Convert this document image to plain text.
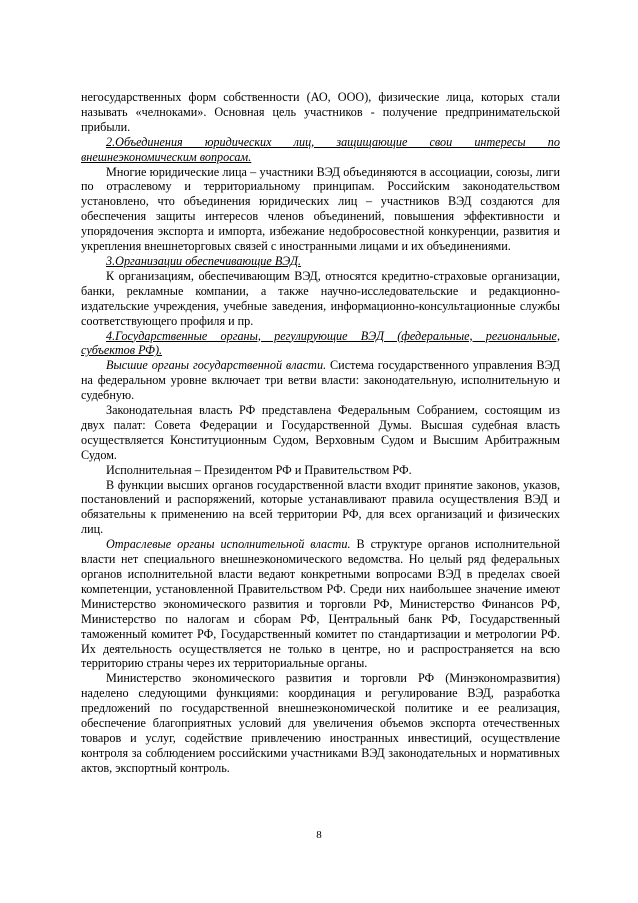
негосударственных форм собственности (АО, ООО), физические лица, которых стали называть «челноками». Основная цель участников - получение предпринимательской прибыли.

2.Объединения юридических лиц, защищающие свои интересы по внешнеэкономическим вопросам.

Многие юридические лица – участники ВЭД объединяются в ассоциации, союзы, лиги по отраслевому и территориальному принципам. Российским законодательством установлено, что объединения юридических лиц – участников ВЭД создаются для обеспечения защиты интересов членов объединений, повышения эффективности и упорядочения экспорта и импорта, избежание недобросовестной конкуренции, развития и укрепления внешнеторговых связей с иностранными лицами и их объединениями.

3.Организации обеспечивающие ВЭД.

К организациям, обеспечивающим ВЭД, относятся кредитно-страховые организации, банки, рекламные компании, а также научно-исследовательские и редакционно-издательские учреждения, учебные заведения, информационно-консультационные службы соответствующего профиля и пр.

4.Государственные органы, регулирующие ВЭД (федеральные, региональные, субъектов РФ).

Высшие органы государственной власти. Система государственного управления ВЭД на федеральном уровне включает три ветви власти: законодательную, исполнительную и судебную.

Законодательная власть РФ представлена Федеральным Собранием, состоящим из двух палат: Совета Федерации и Государственной Думы. Высшая судебная власть осуществляется Конституционным Судом, Верховным Судом и Высшим Арбитражным Судом.

Исполнительная – Президентом РФ и Правительством РФ.

В функции высших органов государственной власти входит принятие законов, указов, постановлений и распоряжений, которые устанавливают правила осуществления ВЭД и обязательны к применению на всей территории РФ, для всех организаций и физических лиц.

Отраслевые органы исполнительной власти. В структуре органов исполнительной власти нет специального внешнеэкономического ведомства. Но целый ряд федеральных органов исполнительной власти ведают конкретными вопросами ВЭД в пределах своей компетенции, установленной Правительством РФ. Среди них наибольшее значение имеют Министерство экономического развития и торговли РФ, Министерство Финансов РФ, Министерство по налогам и сборам РФ, Центральный банк РФ, Государственный таможенный комитет РФ, Государственный комитет по стандартизации и метрологии РФ. Их деятельность осуществляется не только в центре, но и распространяется на всю территорию страны через их территориальные органы.

Министерство экономического развития и торговли РФ (Минэкономразвития) наделено следующими функциями: координация и регулирование ВЭД, разработка предложений по государственной внешнеэкономической политике и ее реализация, обеспечение благоприятных условий для увеличения объемов экспорта отечественных товаров и услуг, содействие привлечению иностранных инвестиций, осуществление контроля за соблюдением российскими участниками ВЭД законодательных и нормативных актов, экспортный контроль.

8
